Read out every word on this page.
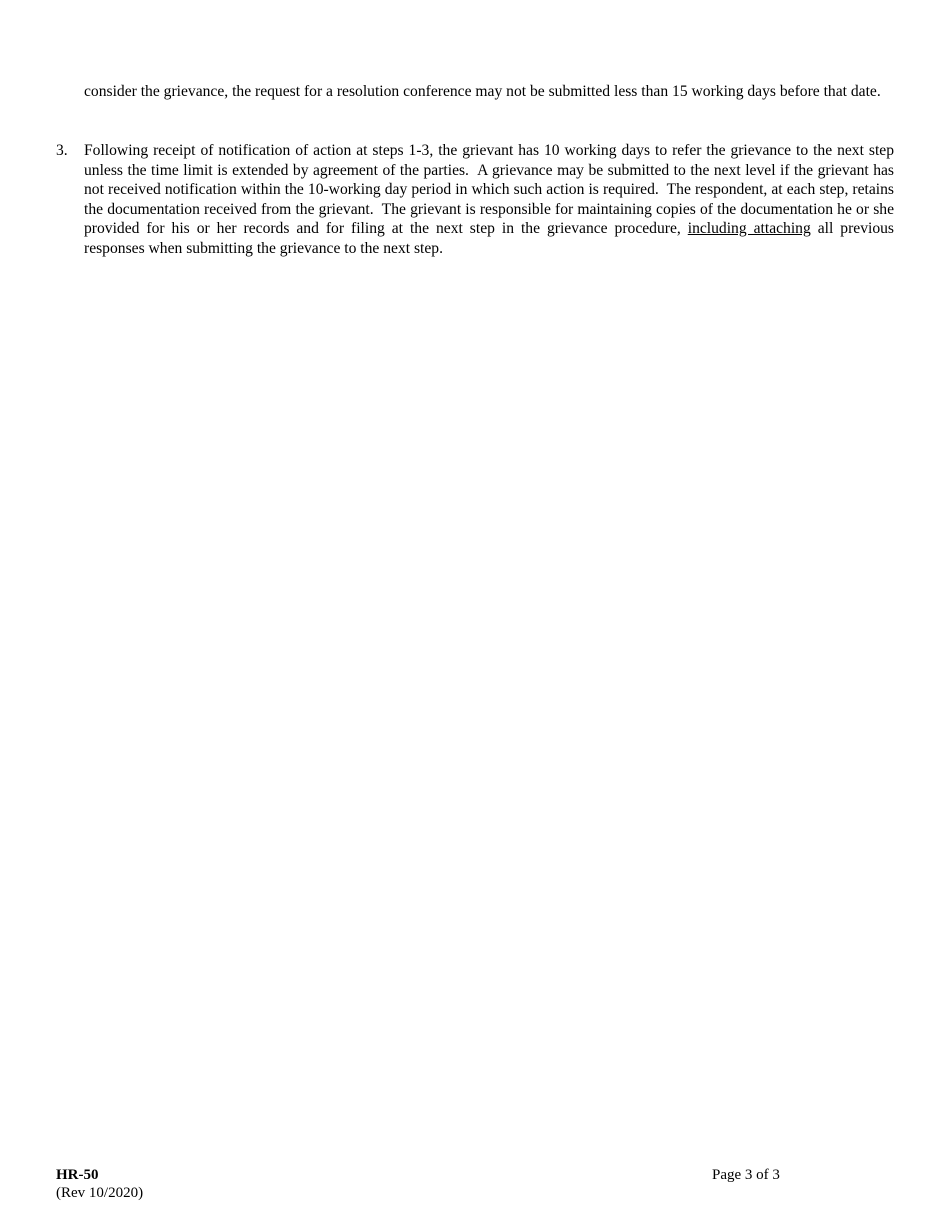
consider the grievance, the request for a resolution conference may not be submitted less than 15 working days before that date.

3. Following receipt of notification of action at steps 1-3, the grievant has 10 working days to refer the grievance to the next step unless the time limit is extended by agreement of the parties.  A grievance may be submitted to the next level if the grievant has not received notification within the 10-working day period in which such action is required.  The respondent, at each step, retains the documentation received from the grievant.  The grievant is responsible for maintaining copies of the documentation he or she provided for his or her records and for filing at the next step in the grievance procedure, including attaching all previous responses when submitting the grievance to the next step.

HR-50
(Rev 10/2020)
Page 3 of 3
